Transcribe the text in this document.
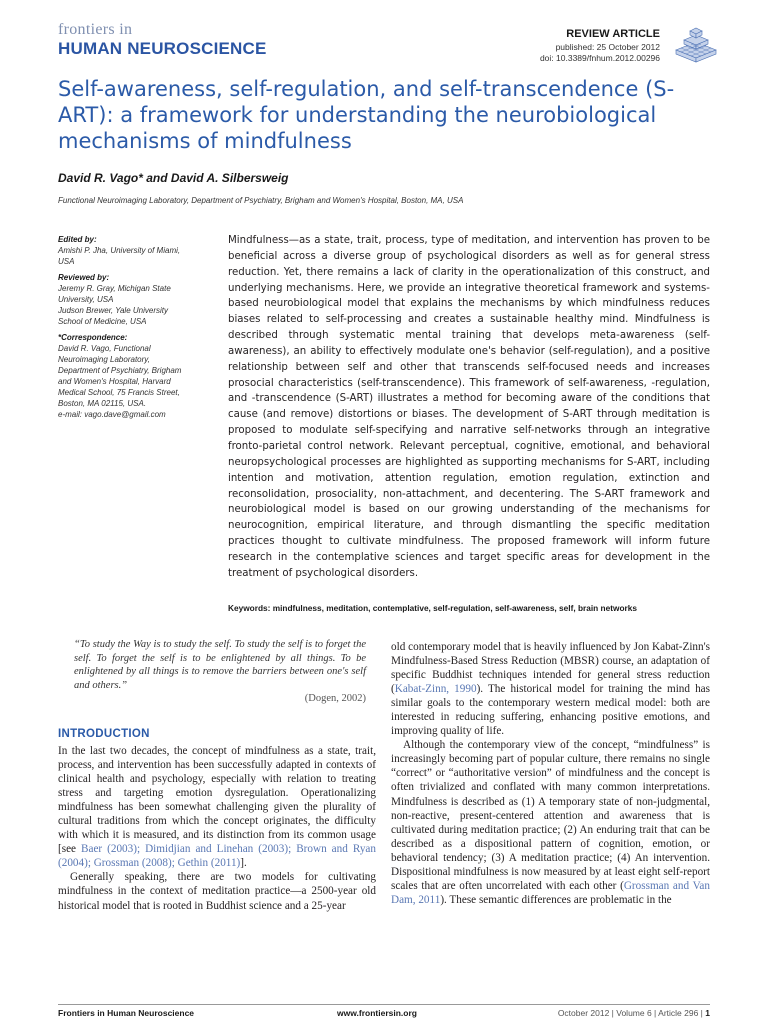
frontiers in
HUMAN NEUROSCIENCE
REVIEW ARTICLE
published: 25 October 2012
doi: 10.3389/fnhum.2012.00296
Self-awareness, self-regulation, and self-transcendence (S-ART): a framework for understanding the neurobiological mechanisms of mindfulness
David R. Vago* and David A. Silbersweig
Functional Neuroimaging Laboratory, Department of Psychiatry, Brigham and Women's Hospital, Boston, MA, USA
Edited by:
Amishi P. Jha, University of Miami,
USA
Reviewed by:
Jeremy R. Gray, Michigan State
University, USA
Judson Brewer, Yale University
School of Medicine, USA
*Correspondence:
David R. Vago, Functional
Neuroimaging Laboratory,
Department of Psychiatry, Brigham
and Women's Hospital, Harvard
Medical School, 75 Francis Street,
Boston, MA 02115, USA.
e-mail: vago.dave@gmail.com
Mindfulness—as a state, trait, process, type of meditation, and intervention has proven to be beneficial across a diverse group of psychological disorders as well as for general stress reduction. Yet, there remains a lack of clarity in the operationalization of this construct, and underlying mechanisms. Here, we provide an integrative theoretical framework and systems-based neurobiological model that explains the mechanisms by which mindfulness reduces biases related to self-processing and creates a sustainable healthy mind. Mindfulness is described through systematic mental training that develops meta-awareness (self-awareness), an ability to effectively modulate one's behavior (self-regulation), and a positive relationship between self and other that transcends self-focused needs and increases prosocial characteristics (self-transcendence). This framework of self-awareness, -regulation, and -transcendence (S-ART) illustrates a method for becoming aware of the conditions that cause (and remove) distortions or biases. The development of S-ART through meditation is proposed to modulate self-specifying and narrative self-networks through an integrative fronto-parietal control network. Relevant perceptual, cognitive, emotional, and behavioral neuropsychological processes are highlighted as supporting mechanisms for S-ART, including intention and motivation, attention regulation, emotion regulation, extinction and reconsolidation, prosociality, non-attachment, and decentering. The S-ART framework and neurobiological model is based on our growing understanding of the mechanisms for neurocognition, empirical literature, and through dismantling the specific meditation practices thought to cultivate mindfulness. The proposed framework will inform future research in the contemplative sciences and target specific areas for development in the treatment of psychological disorders.
Keywords: mindfulness, meditation, contemplative, self-regulation, self-awareness, self, brain networks

“To study the Way is to study the self. To study the self is to forget the self. To forget the self is to be enlightened by all things. To be enlightened by all things is to remove the barriers between one's self and others.”

(Dogen, 2002)

INTRODUCTION

In the last two decades, the concept of mindfulness as a state, trait, process, and intervention has been successfully adapted in contexts of clinical health and psychology, especially with relation to treating stress and targeting emotion dysregulation. Operationalizing mindfulness has been somewhat challenging given the plurality of cultural traditions from which the concept originates, the difficulty with which it is measured, and its distinction from its common usage [see Baer (2003); Dimidjian and Linehan (2003); Brown and Ryan (2004); Grossman (2008); Gethin (2011)].

Generally speaking, there are two models for cultivating mindfulness in the context of meditation practice—a 2500-year old historical model that is rooted in Buddhist science and a 25-year

old contemporary model that is heavily influenced by Jon Kabat-Zinn's Mindfulness-Based Stress Reduction (MBSR) course, an adaptation of specific Buddhist techniques intended for general stress reduction (Kabat-Zinn, 1990). The historical model for training the mind has similar goals to the contemporary western medical model: both are interested in reducing suffering, enhancing positive emotions, and improving quality of life.

Although the contemporary view of the concept, “mindfulness” is increasingly becoming part of popular culture, there remains no single “correct” or “authoritative version” of mindfulness and the concept is often trivialized and conflated with many common interpretations. Mindfulness is described as (1) A temporary state of non-judgmental, non-reactive, present-centered attention and awareness that is cultivated during meditation practice; (2) An enduring trait that can be described as a dispositional pattern of cognition, emotion, or behavioral tendency; (3) A meditation practice; (4) An intervention. Dispositional mindfulness is now measured by at least eight self-report scales that are often uncorrelated with each other (Grossman and Van Dam, 2011). These semantic differences are problematic in the

Frontiers in Human Neuroscience	www.frontiersin.org	October 2012 | Volume 6 | Article 296 | 1
